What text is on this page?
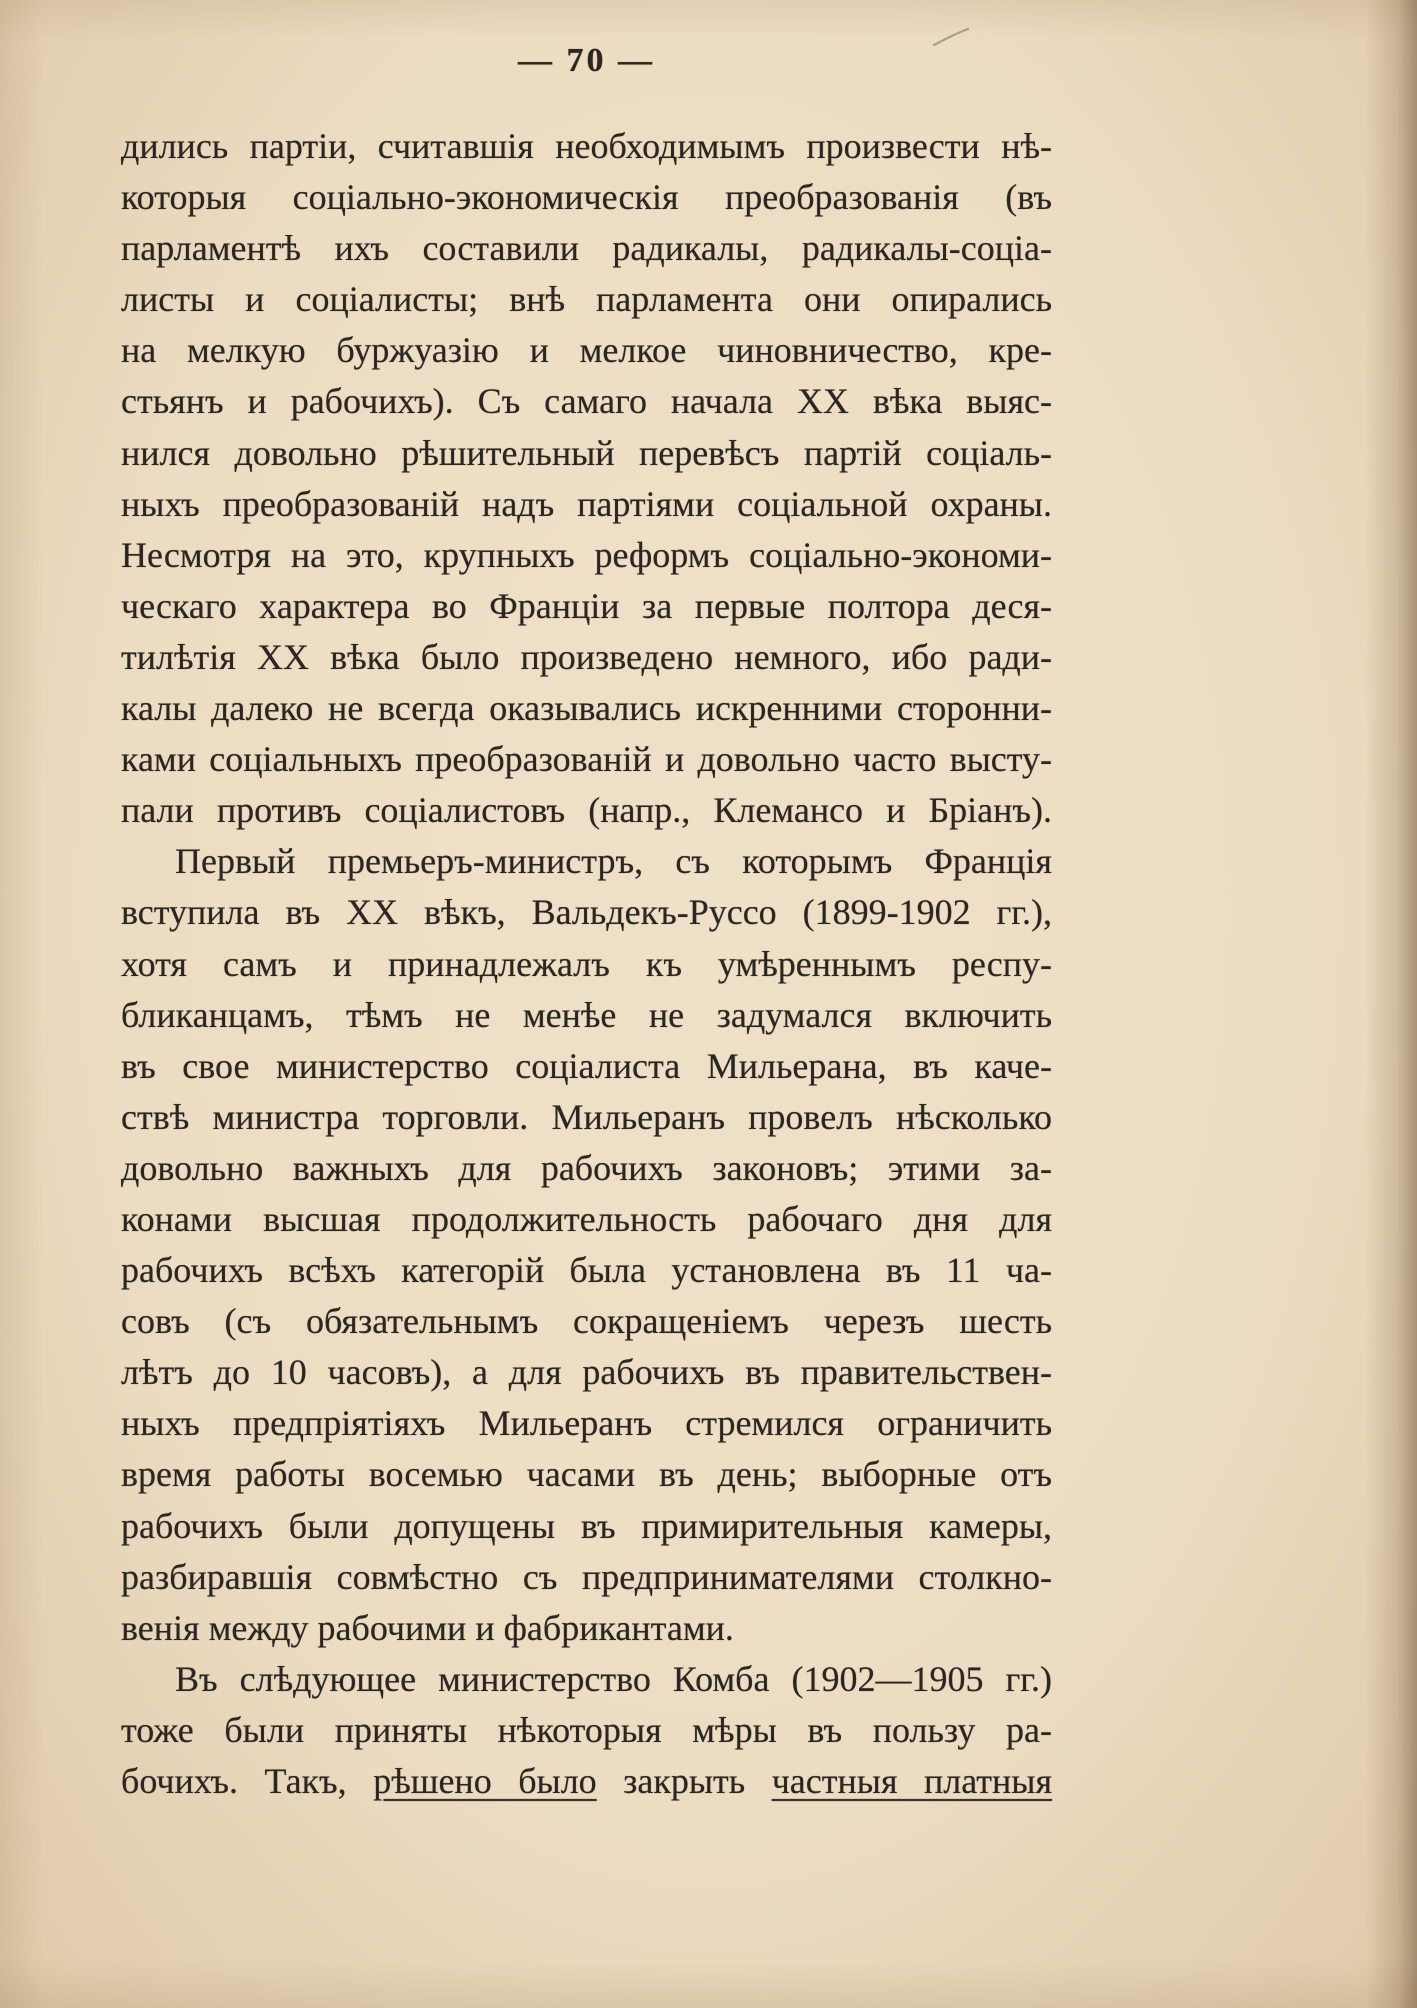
— 70 —
дились партіи, считавшія необходимымъ произвести нѣ-
которыя соціально-экономическія преобразованія (въ
парламентѣ ихъ составили радикалы, радикалы-соціа-
листы и соціалисты; внѣ парламента они опирались
на мелкую буржуазію и мелкое чиновничество, кре-
стьянъ и рабочихъ). Съ самаго начала XX вѣка выяс-
нился довольно рѣшительный перевѣсъ партій соціаль-
ныхъ преобразованій надъ партіями соціальной охраны.
Несмотря на это, крупныхъ реформъ соціально-экономи-
ческаго характера во Франціи за первые полтора деся-
тилѣтія XX вѣка было произведено немного, ибо ради-
калы далеко не всегда оказывались искренними сторонни-
ками соціальныхъ преобразованій и довольно часто высту-
пали противъ соціалистовъ (напр., Клемансо и Бріанъ).
Первый премьеръ-министръ, съ которымъ Франція
вступила въ XX вѣкъ, Вальдекъ-Руссо (1899-1902 гг.),
хотя самъ и принадлежалъ къ умѣреннымъ респу-
бликанцамъ, тѣмъ не менѣе не задумался включить
въ свое министерство соціалиста Мильерана, въ каче-
ствѣ министра торговли. Мильеранъ провелъ нѣсколько
довольно важныхъ для рабочихъ законовъ; этими за-
конами высшая продолжительность рабочаго дня для
рабочихъ всѣхъ категорій была установлена въ 11 ча-
совъ (съ обязательнымъ сокращеніемъ черезъ шесть
лѣтъ до 10 часовъ), а для рабочихъ въ правительствен-
ныхъ предпріятіяхъ Мильеранъ стремился ограничить
время работы восемью часами въ день; выборные отъ
рабочихъ были допущены въ примирительныя камеры,
разбиравшія совмѣстно съ предпринимателями столкно-
венія между рабочими и фабрикантами.
Въ слѣдующее министерство Комба (1902—1905 гг.)
тоже были приняты нѣкоторыя мѣры въ пользу ра-
бочихъ. Такъ, рѣшено было закрыть частныя платныя
